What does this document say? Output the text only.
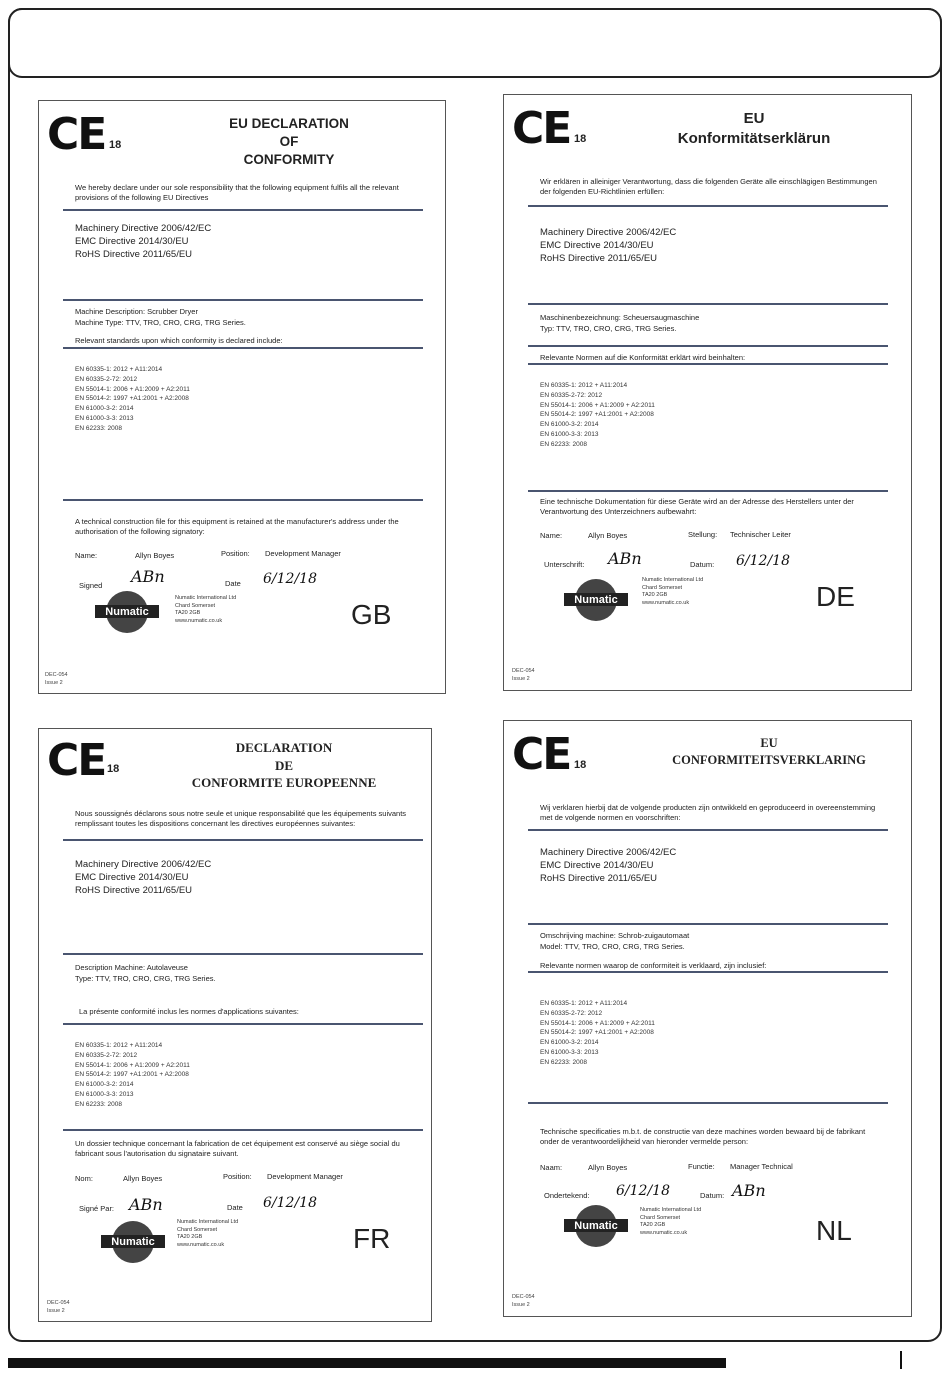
CE 18
EU DECLARATION
OF
CONFORMITY
We hereby declare under our sole responsibility that the following equipment fulfils all the relevant provisions of the following EU Directives
Machinery Directive 2006/42/EC
EMC Directive 2014/30/EU
RoHS Directive 2011/65/EU
Machine Description: Scrubber Dryer
Machine Type: TTV, TRO, CRO, CRG, TRG Series.
Relevant standards upon which conformity is declared include:
EN 60335-1: 2012 + A11:2014
EN 60335-2-72: 2012
EN 55014-1: 2006 + A1:2009 + A2:2011
EN 55014-2: 1997 +A1:2001 + A2:2008
EN 61000-3-2: 2014
EN 61000-3-3: 2013
EN 62233: 2008
A technical construction file for this equipment is retained at the manufacturer's address under the authorisation of the following signatory:
Name:	Allyn Boyes	Position: Development Manager
Signed ABn	Date 6/12/18
Numatic
Numatic International Ltd
Chard Somerset
TA20 2GB
www.numatic.co.uk	GB
DEC-054
Issue 2
CE 18
EU
Konformitätserklärun
Wir erklären in alleiniger Verantwortung, dass die folgenden Geräte alle einschlägigen Bestimmungen der folgenden EU-Richtlinien erfüllen:
Machinery Directive 2006/42/EC
EMC Directive 2014/30/EU
RoHS Directive 2011/65/EU
Maschinenbezeichnung: Scheuersaugmaschine
Typ: TTV, TRO, CRO, CRG, TRG Series.
Relevante Normen auf die Konformität erklärt wird beinhalten:
EN 60335-1: 2012 + A11:2014
EN 60335-2-72: 2012
EN 55014-1: 2006 + A1:2009 + A2:2011
EN 55014-2: 1997 +A1:2001 + A2:2008
EN 61000-3-2: 2014
EN 61000-3-3: 2013
EN 62233: 2008
Eine technische Dokumentation für diese Geräte wird an der Adresse des Herstellers unter der Verantwortung des Unterzeichners aufbewahrt:
Name:	Allyn Boyes	Stellung: Technischer Leiter
Unterschrift: ABn	Datum: 6/12/18
Numatic
Numatic International Ltd
Chard Somerset
TA20 2GB
www.numatic.co.uk	DE
DEC-054
Issue 2
CE 18
DECLARATION
DE
CONFORMITE EUROPEENNE
Nous soussignés déclarons sous notre seule et unique responsabilité que les équipements suivants remplissant toutes les dispositions concernant les directives européennes suivantes:
Machinery Directive 2006/42/EC
EMC Directive 2014/30/EU
RoHS Directive 2011/65/EU
Description Machine: Autolaveuse
Type: TTV, TRO, CRO, CRG, TRG Series.
La présente conformité inclus les normes d'applications suivantes:
EN 60335-1: 2012 + A11:2014
EN 60335-2-72: 2012
EN 55014-1: 2006 + A1:2009 + A2:2011
EN 55014-2: 1997 +A1:2001 + A2:2008
EN 61000-3-2: 2014
EN 61000-3-3: 2013
EN 62233: 2008
Un dossier technique concernant la fabrication de cet équipement est conservé au siège social du fabricant sous l'autorisation du signataire suivant.
Nom:	Allyn Boyes	Position: Development Manager
Signé Par: ABn	Date 6/12/18
Numatic
Numatic International Ltd
Chard Somerset
TA20 2GB
www.numatic.co.uk	FR
DEC-054
Issue 2
CE 18
EU
CONFORMITEITSVERKLARING
Wij verklaren hierbij dat de volgende producten zijn ontwikkeld en geproduceerd in overeenstemming met de volgende normen en voorschriften:
Machinery Directive 2006/42/EC
EMC Directive 2014/30/EU
RoHS Directive 2011/65/EU
Omschrijving machine: Schrob-zuigautomaat
Model: TTV, TRO, CRO, CRG, TRG Series.
Relevante normen waarop de conformiteit is verklaard, zijn inclusief:
EN 60335-1: 2012 + A11:2014
EN 60335-2-72: 2012
EN 55014-1: 2006 + A1:2009 + A2:2011
EN 55014-2: 1997 +A1:2001 + A2:2008
EN 61000-3-2: 2014
EN 61000-3-3: 2013
EN 62233: 2008
Technische specificaties m.b.t. de constructie van deze machines worden bewaard bij de fabrikant onder de verantwoordelijkheid van hieronder vermelde person:
Naam:	Allyn Boyes	Functie: Manager Technical
Ondertekend: 6/12/18	Datum: ABn
Numatic
Numatic International Ltd
Chard Somerset
TA20 2GB
www.numatic.co.uk	NL
DEC-054
Issue 2
